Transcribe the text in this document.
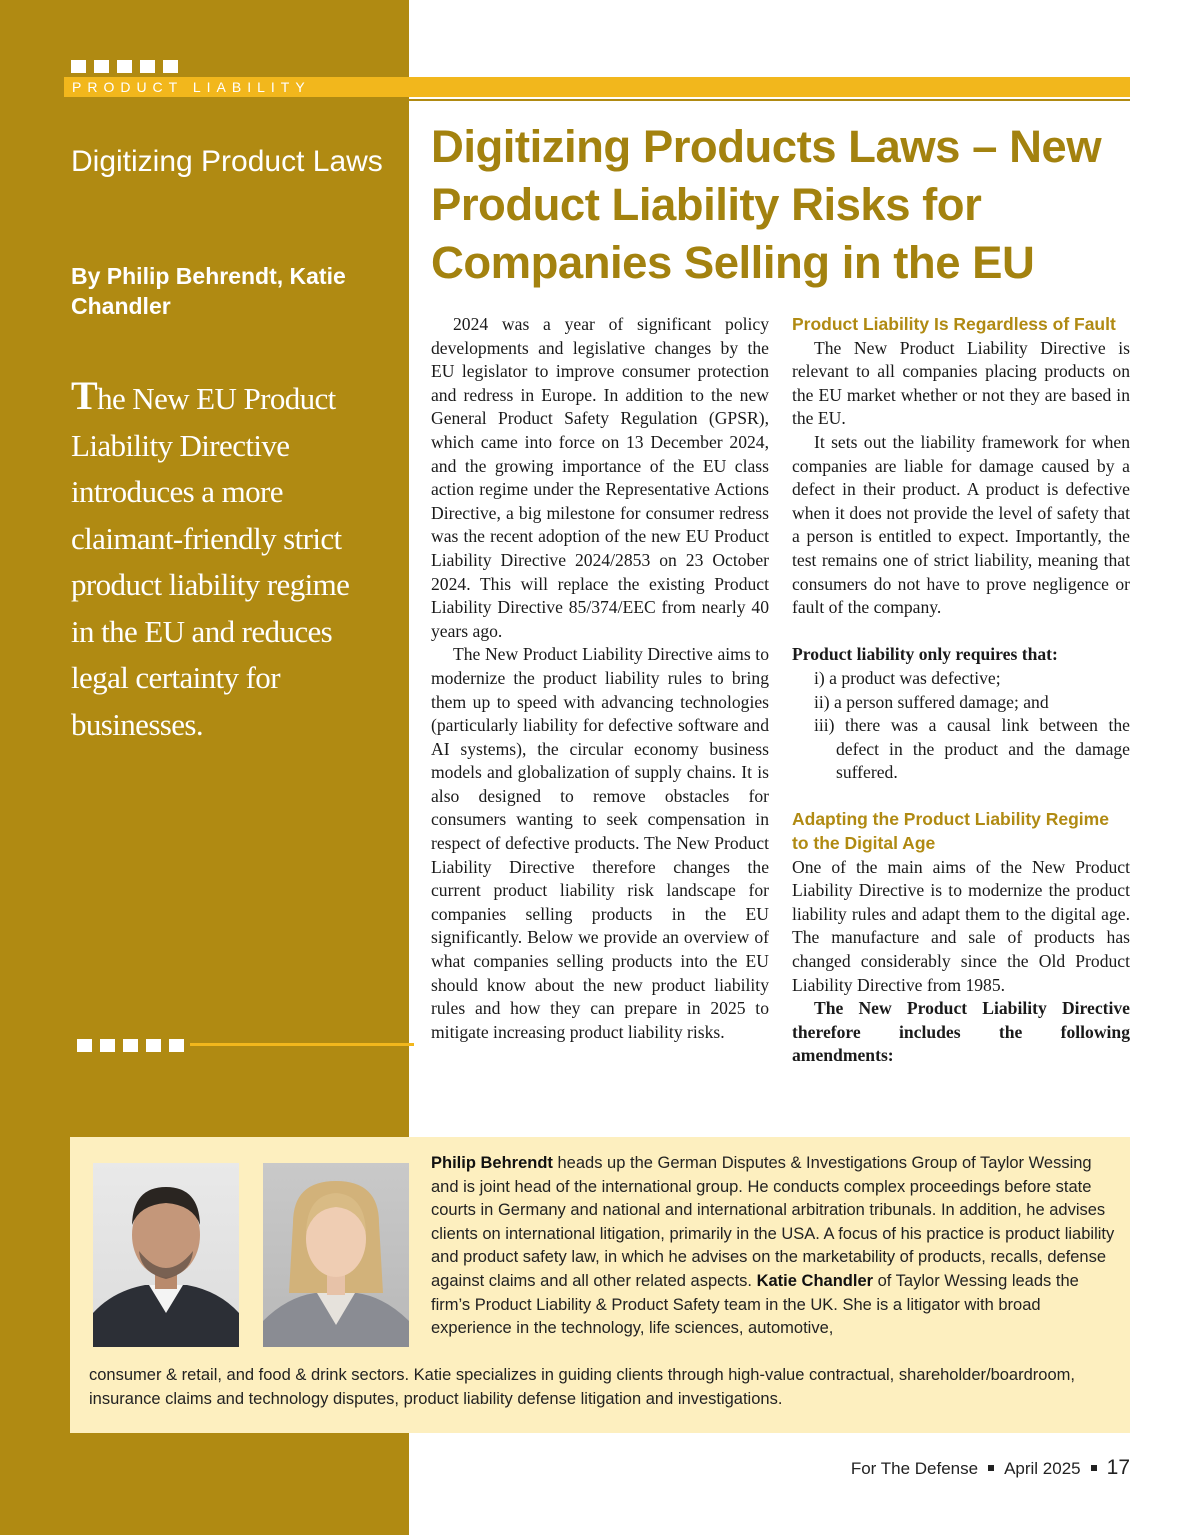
PRODUCT LIABILITY
Digitizing Product Laws
By Philip Behrendt, Katie Chandler
The New EU Product Liability Directive introduces a more claimant-friendly strict product liability regime in the EU and reduces legal certainty for businesses.
Digitizing Products Laws – New Product Liability Risks for Companies Selling in the EU

2024 was a year of significant policy developments and legislative changes by the EU legislator to improve consumer protection and redress in Europe. In addition to the new General Product Safety Regulation (GPSR), which came into force on 13 December 2024, and the growing importance of the EU class action regime under the Representative Actions Directive, a big milestone for consumer redress was the recent adoption of the new EU Product Liability Directive 2024/2853 on 23 October 2024. This will replace the existing Product Liability Directive 85/374/EEC from nearly 40 years ago.

The New Product Liability Directive aims to modernize the product liability rules to bring them up to speed with advancing technologies (particularly liability for defective software and AI systems), the circular economy business models and globalization of supply chains. It is also designed to remove obstacles for consumers wanting to seek compensation in respect of defective products. The New Product Liability Directive therefore changes the current product liability risk landscape for companies selling products in the EU significantly. Below we provide an overview of what companies selling products into the EU should know about the new product liability rules and how they can prepare in 2025 to mitigate increasing product liability risks.

Product Liability Is Regardless of Fault

The New Product Liability Directive is relevant to all companies placing products on the EU market whether or not they are based in the EU.

It sets out the liability framework for when companies are liable for damage caused by a defect in their product. A product is defective when it does not provide the level of safety that a person is entitled to expect. Importantly, the test remains one of strict liability, meaning that consumers do not have to prove negligence or fault of the company.

Product liability only requires that:

i) a product was defective;
ii) a person suffered damage; and
iii) there was a causal link between the defect in the product and the damage suffered.
Adapting the Product Liability Regime to the Digital Age

One of the main aims of the New Product Liability Directive is to modernize the product liability rules and adapt them to the digital age. The manufacture and sale of products has changed considerably since the Old Product Liability Directive from 1985.

The New Product Liability Directive therefore includes the following amendments:

Philip Behrendt heads up the German Disputes & Investigations Group of Taylor Wessing and is joint head of the international group. He conducts complex proceedings before state courts in Germany and national and international arbitration tribunals. In addition, he advises clients on international litigation, primarily in the USA. A focus of his practice is product liability and product safety law, in which he advises on the marketability of products, recalls, defense against claims and all other related aspects. Katie Chandler of Taylor Wessing leads the firm’s Product Liability & Product Safety team in the UK. She is a litigator with broad experience in the technology, life sciences, automotive,
consumer & retail, and food & drink sectors. Katie specializes in guiding clients through high-value contractual, shareholder/boardroom, insurance claims and technology disputes, product liability defense litigation and investigations.
For The Defense April 2025 17
